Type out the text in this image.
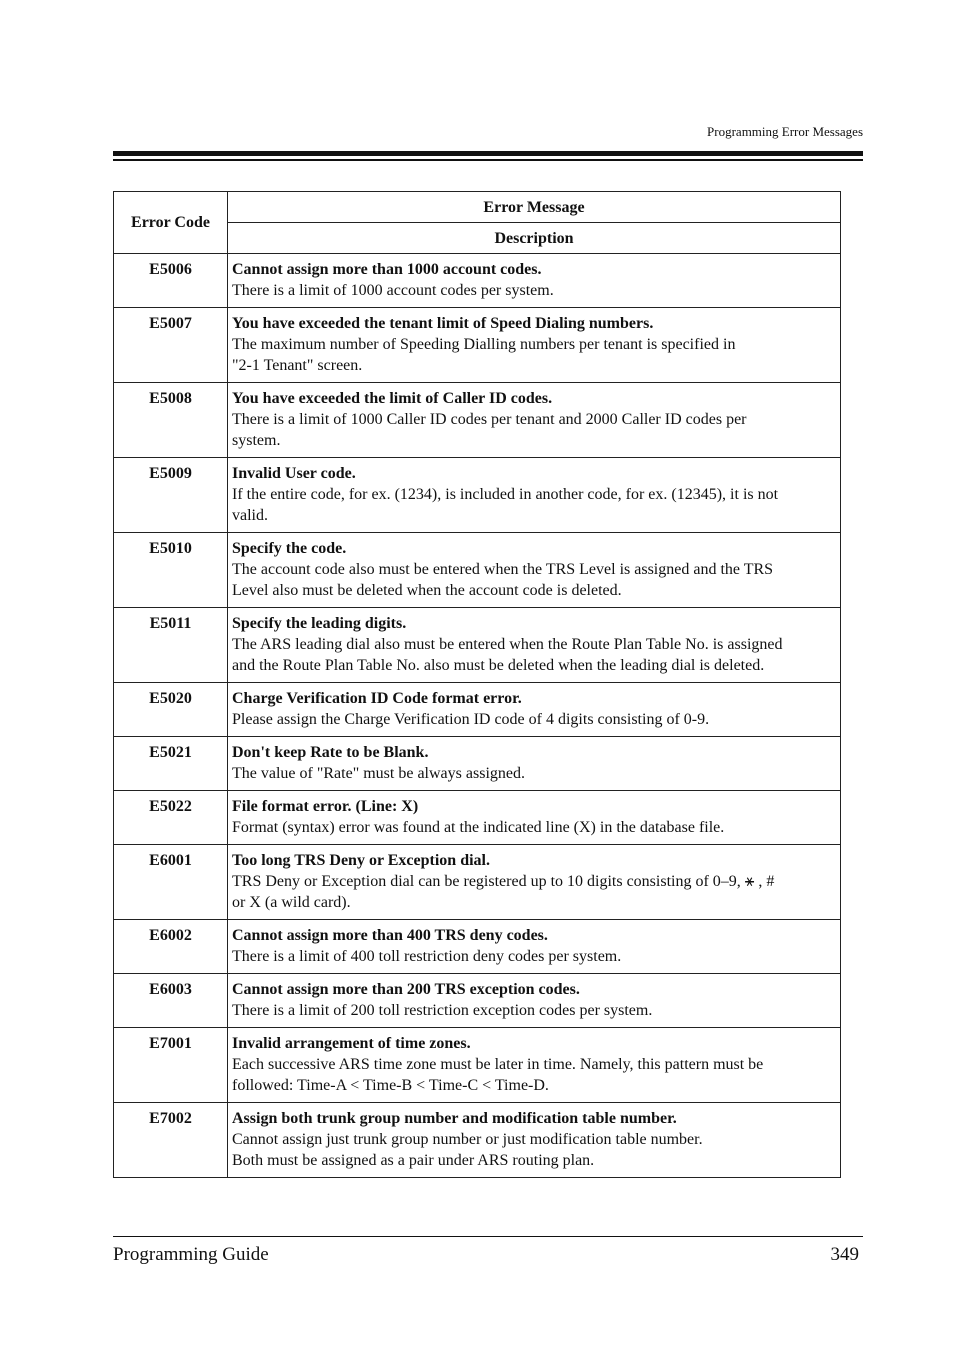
Programming Error Messages
Error Code	Error Message
	Description
E5006	Cannot assign more than 1000 account codes.
There is a limit of 1000 account codes per system.

E5007	You have exceeded the tenant limit of Speed Dialing numbers.
The maximum number of Speeding Dialling numbers per tenant is specified in
"2-1 Tenant" screen.

E5008	You have exceeded the limit of Caller ID codes.
There is a limit of 1000 Caller ID codes per tenant and 2000 Caller ID codes per
system.

E5009	Invalid User code.
If the entire code, for ex. (1234), is included in another code, for ex. (12345), it is not
valid.

E5010	Specify the code.
The account code also must be entered when the TRS Level is assigned and the TRS
Level also must be deleted when the account code is deleted.

E5011	Specify the leading digits.
The ARS leading dial also must be entered when the Route Plan Table No. is assigned
and the Route Plan Table No. also must be deleted when the leading dial is deleted.

E5020	Charge Verification ID Code format error.
Please assign the Charge Verification ID code of 4 digits consisting of 0-9.

E5021	Don't keep Rate to be Blank.
The value of "Rate" must be always assigned.

E5022	File format error. (Line: X)
Format (syntax) error was found at the indicated line (X) in the database file.

E6001	Too long TRS Deny or Exception dial.
TRS Deny or Exception dial can be registered up to 10 digits consisting of 0–9, ⚹ , #
or X (a wild card).

E6002	Cannot assign more than 400 TRS deny codes.
There is a limit of 400 toll restriction deny codes per system.

E6003	Cannot assign more than 200 TRS exception codes.
There is a limit of 200 toll restriction exception codes per system.

E7001	Invalid arrangement of time zones.
Each successive ARS time zone must be later in time. Namely, this pattern must be
followed: Time-A < Time-B < Time-C < Time-D.

E7002	Assign both trunk group number and modification table number.
Cannot assign just trunk group number or just modification table number.
Both must be assigned as a pair under ARS routing plan.
Programming Guide	349
